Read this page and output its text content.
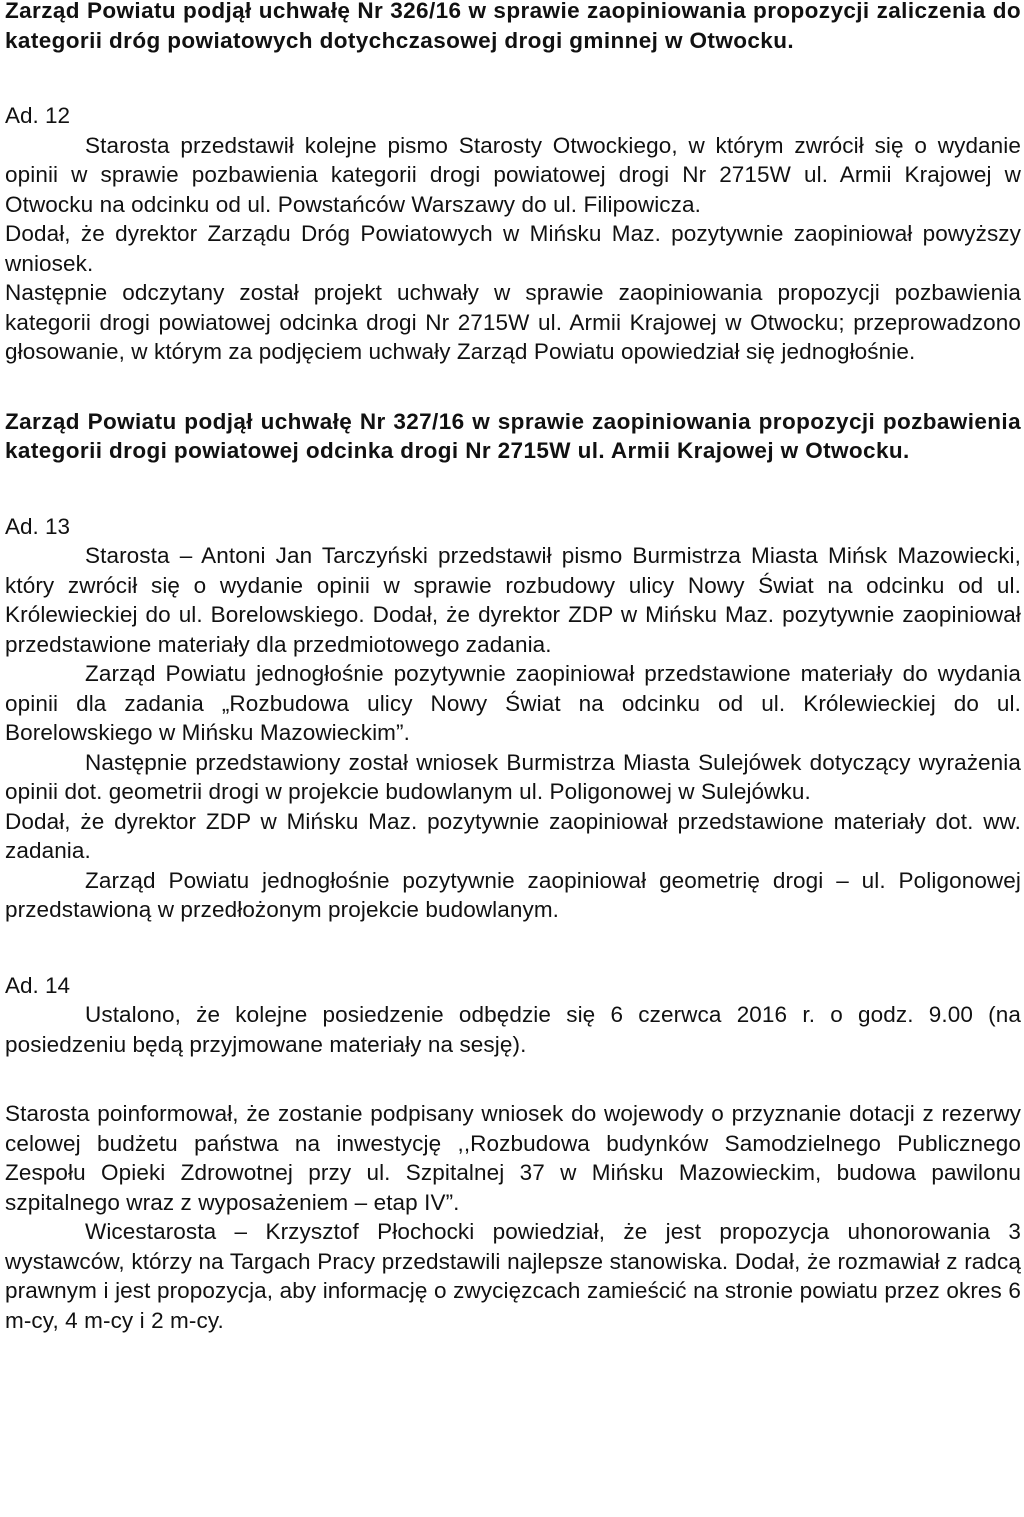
Zarząd Powiatu podjął uchwałę Nr 326/16 w sprawie zaopiniowania propozycji zaliczenia do kategorii dróg powiatowych dotychczasowej drogi gminnej w Otwocku.

Ad. 12

Starosta przedstawił kolejne pismo Starosty Otwockiego, w którym zwrócił się o wydanie opinii w sprawie pozbawienia kategorii drogi powiatowej drogi Nr 2715W ul. Armii Krajowej w Otwocku na odcinku od ul. Powstańców Warszawy do ul. Filipowicza.

Dodał, że dyrektor Zarządu Dróg Powiatowych w Mińsku Maz. pozytywnie zaopiniował powyższy wniosek.

Następnie odczytany został projekt uchwały w sprawie zaopiniowania propozycji pozbawienia kategorii drogi powiatowej odcinka drogi Nr 2715W ul. Armii Krajowej w Otwocku; przeprowadzono głosowanie, w którym za podjęciem uchwały Zarząd Powiatu opowiedział się jednogłośnie.

Zarząd Powiatu podjął uchwałę Nr 327/16 w sprawie zaopiniowania propozycji pozbawienia kategorii drogi powiatowej odcinka drogi Nr 2715W ul. Armii Krajowej w Otwocku.

Ad. 13

Starosta – Antoni Jan Tarczyński przedstawił pismo Burmistrza Miasta Mińsk Mazowiecki, który zwrócił się o wydanie opinii w sprawie rozbudowy ulicy Nowy Świat na odcinku od ul. Królewieckiej do ul. Borelowskiego. Dodał, że dyrektor ZDP w Mińsku Maz. pozytywnie zaopiniował przedstawione materiały dla przedmiotowego zadania.

Zarząd Powiatu jednogłośnie pozytywnie zaopiniował przedstawione materiały do wydania opinii dla zadania „Rozbudowa ulicy Nowy Świat na odcinku od ul. Królewieckiej do ul. Borelowskiego w Mińsku Mazowieckim”.

Następnie przedstawiony został wniosek Burmistrza Miasta Sulejówek dotyczący wyrażenia opinii dot. geometrii drogi w projekcie budowlanym ul. Poligonowej w Sulejówku.

Dodał, że dyrektor ZDP w Mińsku Maz. pozytywnie zaopiniował przedstawione materiały dot. ww. zadania.

Zarząd Powiatu jednogłośnie pozytywnie zaopiniował geometrię drogi – ul. Poligonowej przedstawioną w przedłożonym projekcie budowlanym.

Ad. 14

Ustalono, że kolejne posiedzenie odbędzie się 6 czerwca 2016 r. o godz. 9.00 (na posiedzeniu będą przyjmowane materiały na sesję).

Starosta poinformował, że zostanie podpisany wniosek do wojewody o przyznanie dotacji z rezerwy celowej budżetu państwa na inwestycję ,,Rozbudowa budynków Samodzielnego Publicznego Zespołu Opieki Zdrowotnej przy ul. Szpitalnej 37 w Mińsku Mazowieckim, budowa pawilonu szpitalnego wraz z wyposażeniem – etap IV”.

Wicestarosta – Krzysztof Płochocki powiedział, że jest propozycja uhonorowania 3 wystawców, którzy na Targach Pracy przedstawili najlepsze stanowiska. Dodał, że rozmawiał z radcą prawnym i jest propozycja, aby informację o zwycięzcach zamieścić na stronie powiatu przez okres 6 m-cy, 4 m-cy i 2 m-cy.
